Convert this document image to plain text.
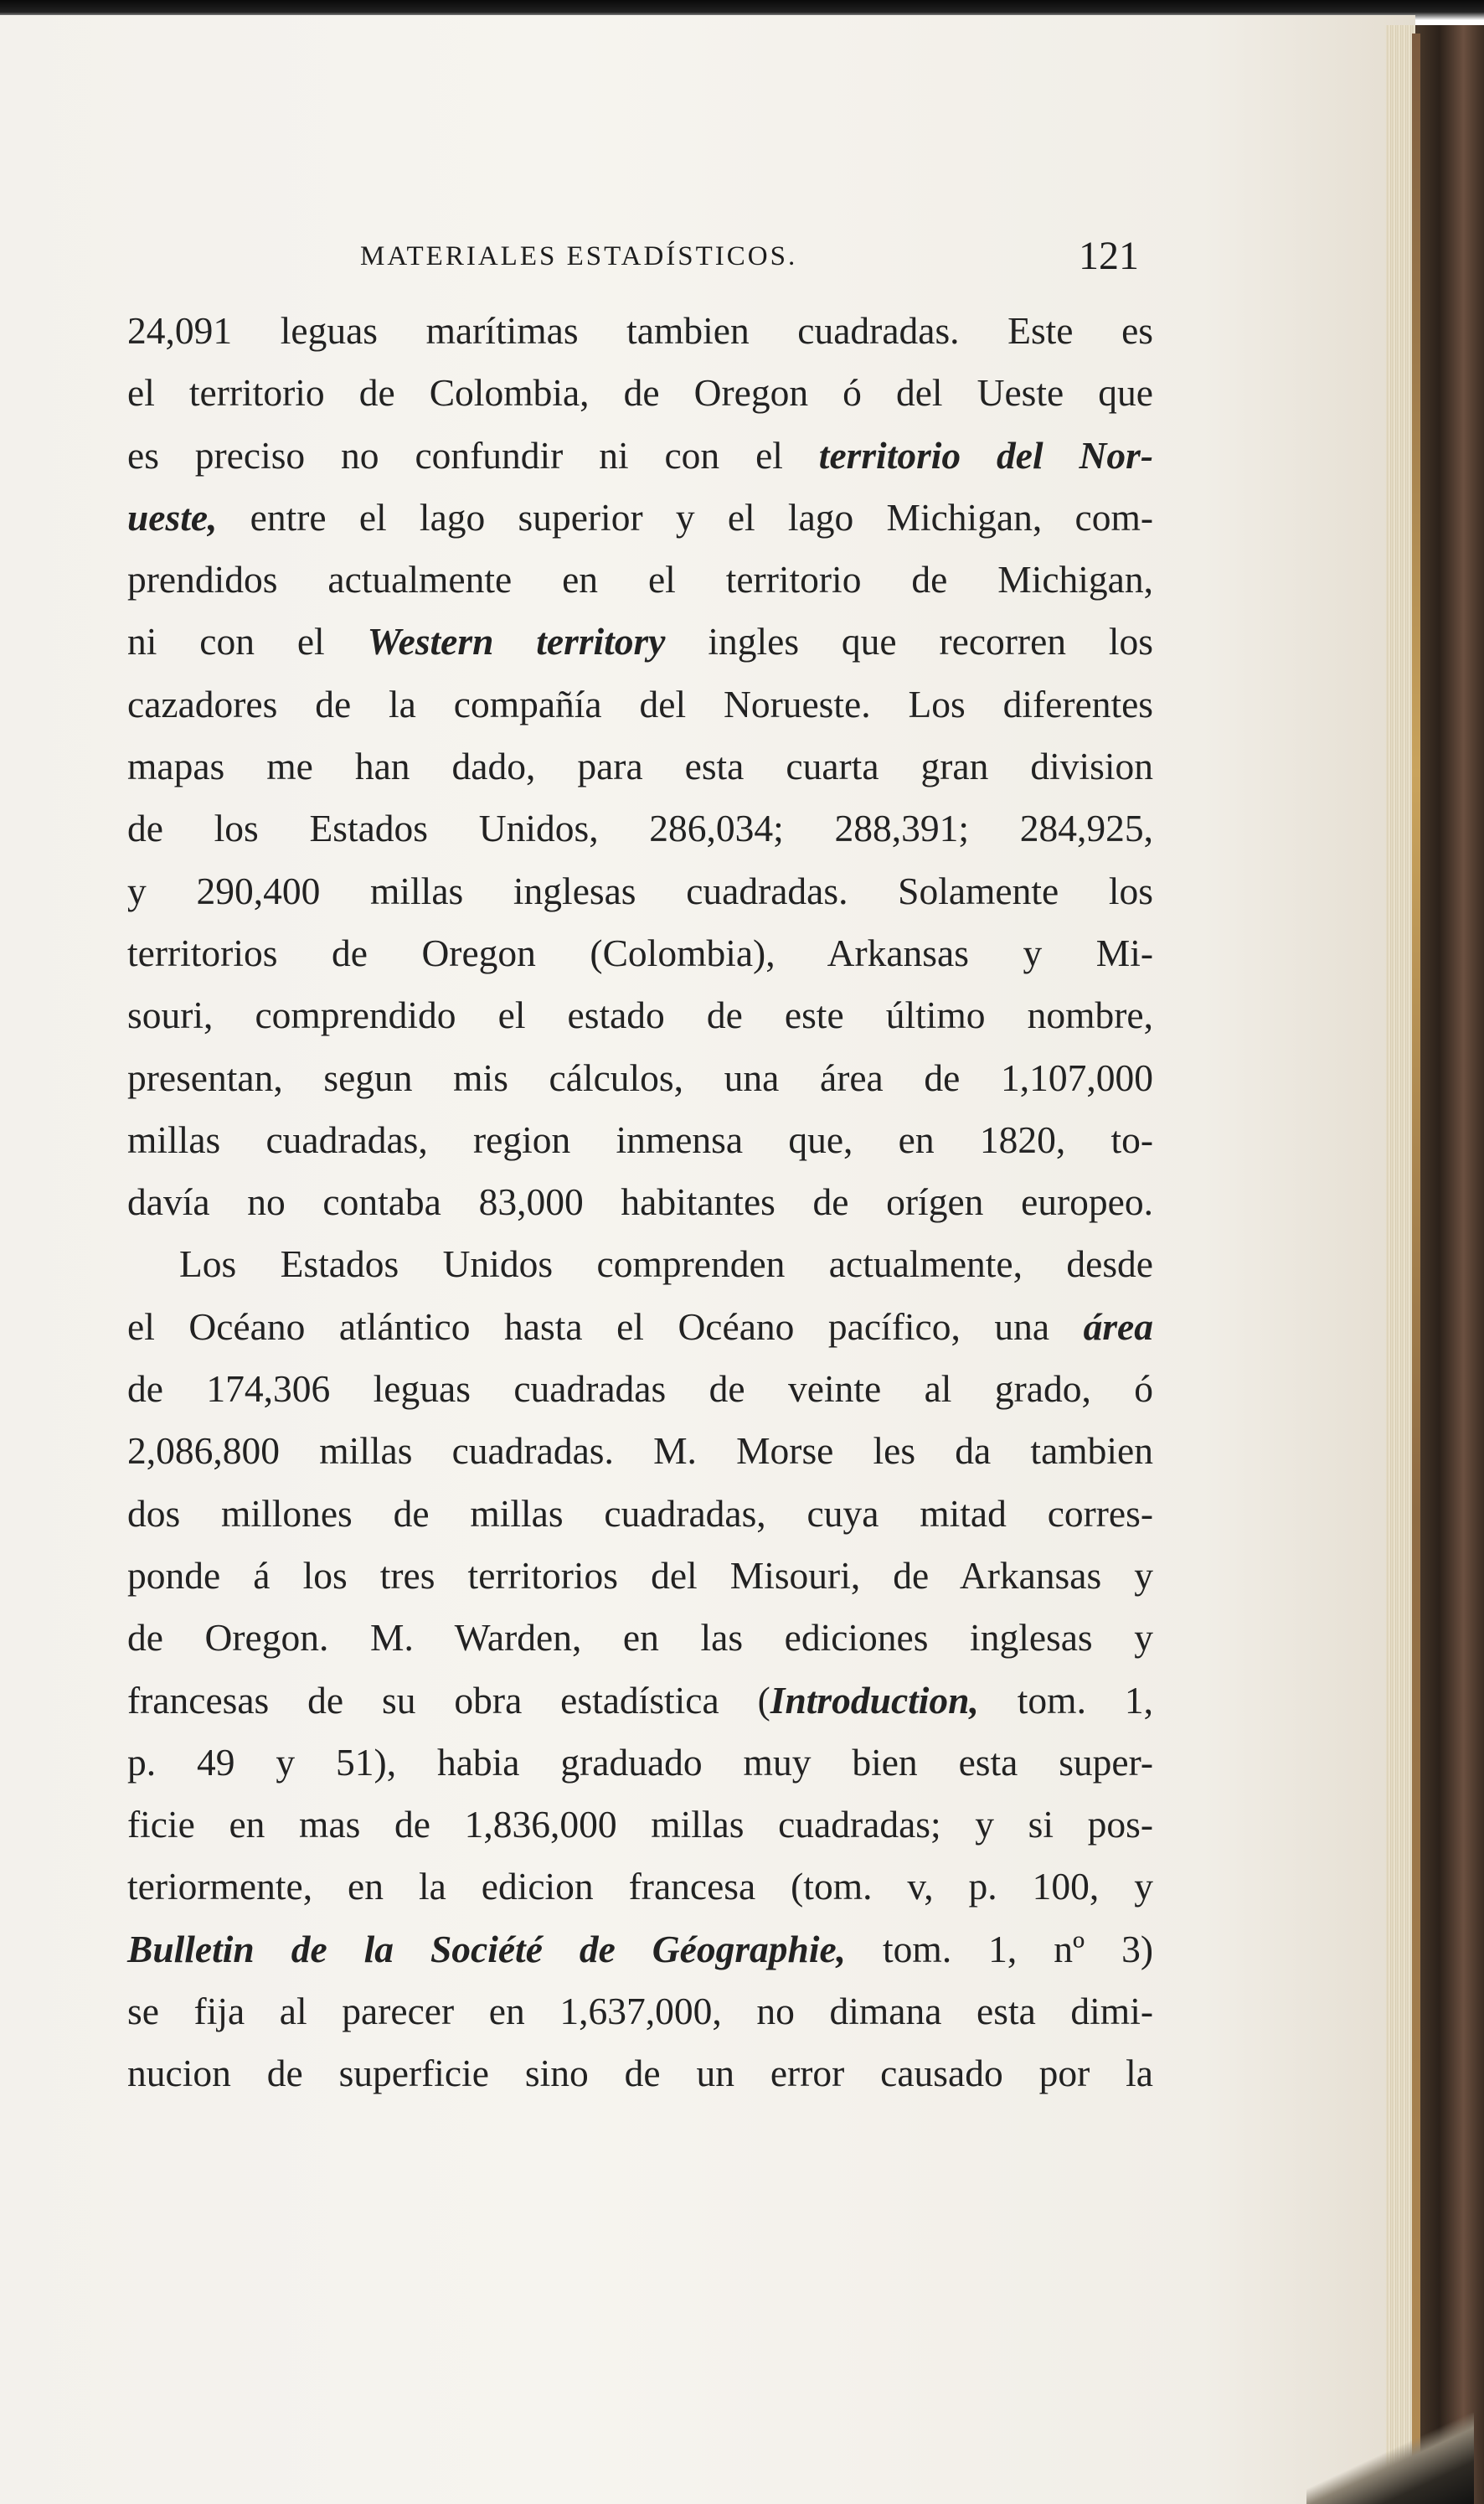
MATERIALES ESTADÍSTICOS.	121
24,091 leguas marítimas tambien cuadradas. Este es
el territorio de Colombia, de Oregon ó del Ueste que
es preciso no confundir ni con el territorio del Nor-
ueste, entre el lago superior y el lago Michigan, com-
prendidos actualmente en el territorio de Michigan,
ni con el Western territory ingles que recorren los
cazadores de la compañía del Norueste. Los diferentes
mapas me han dado, para esta cuarta gran division
de los Estados Unidos, 286,034; 288,391; 284,925,
y 290,400 millas inglesas cuadradas. Solamente los
territorios de Oregon (Colombia), Arkansas y Mi-
souri, comprendido el estado de este último nombre,
presentan, segun mis cálculos, una área de 1,107,000
millas cuadradas, region inmensa que, en 1820, to-
davía no contaba 83,000 habitantes de orígen europeo.
Los Estados Unidos comprenden actualmente, desde
el Océano atlántico hasta el Océano pacífico, una área
de 174,306 leguas cuadradas de veinte al grado, ó
2,086,800 millas cuadradas. M. Morse les da tambien
dos millones de millas cuadradas, cuya mitad corres-
ponde á los tres territorios del Misouri, de Arkansas y
de Oregon. M. Warden, en las ediciones inglesas y
francesas de su obra estadística (Introduction, tom. 1,
p. 49 y 51), habia graduado muy bien esta super-
ficie en mas de 1,836,000 millas cuadradas; y si pos-
teriormente, en la edicion francesa (tom. v, p. 100, y
Bulletin de la Société de Géographie, tom. 1, nº 3)
se fija al parecer en 1,637,000, no dimana esta dimi-
nucion de superficie sino de un error causado por la
